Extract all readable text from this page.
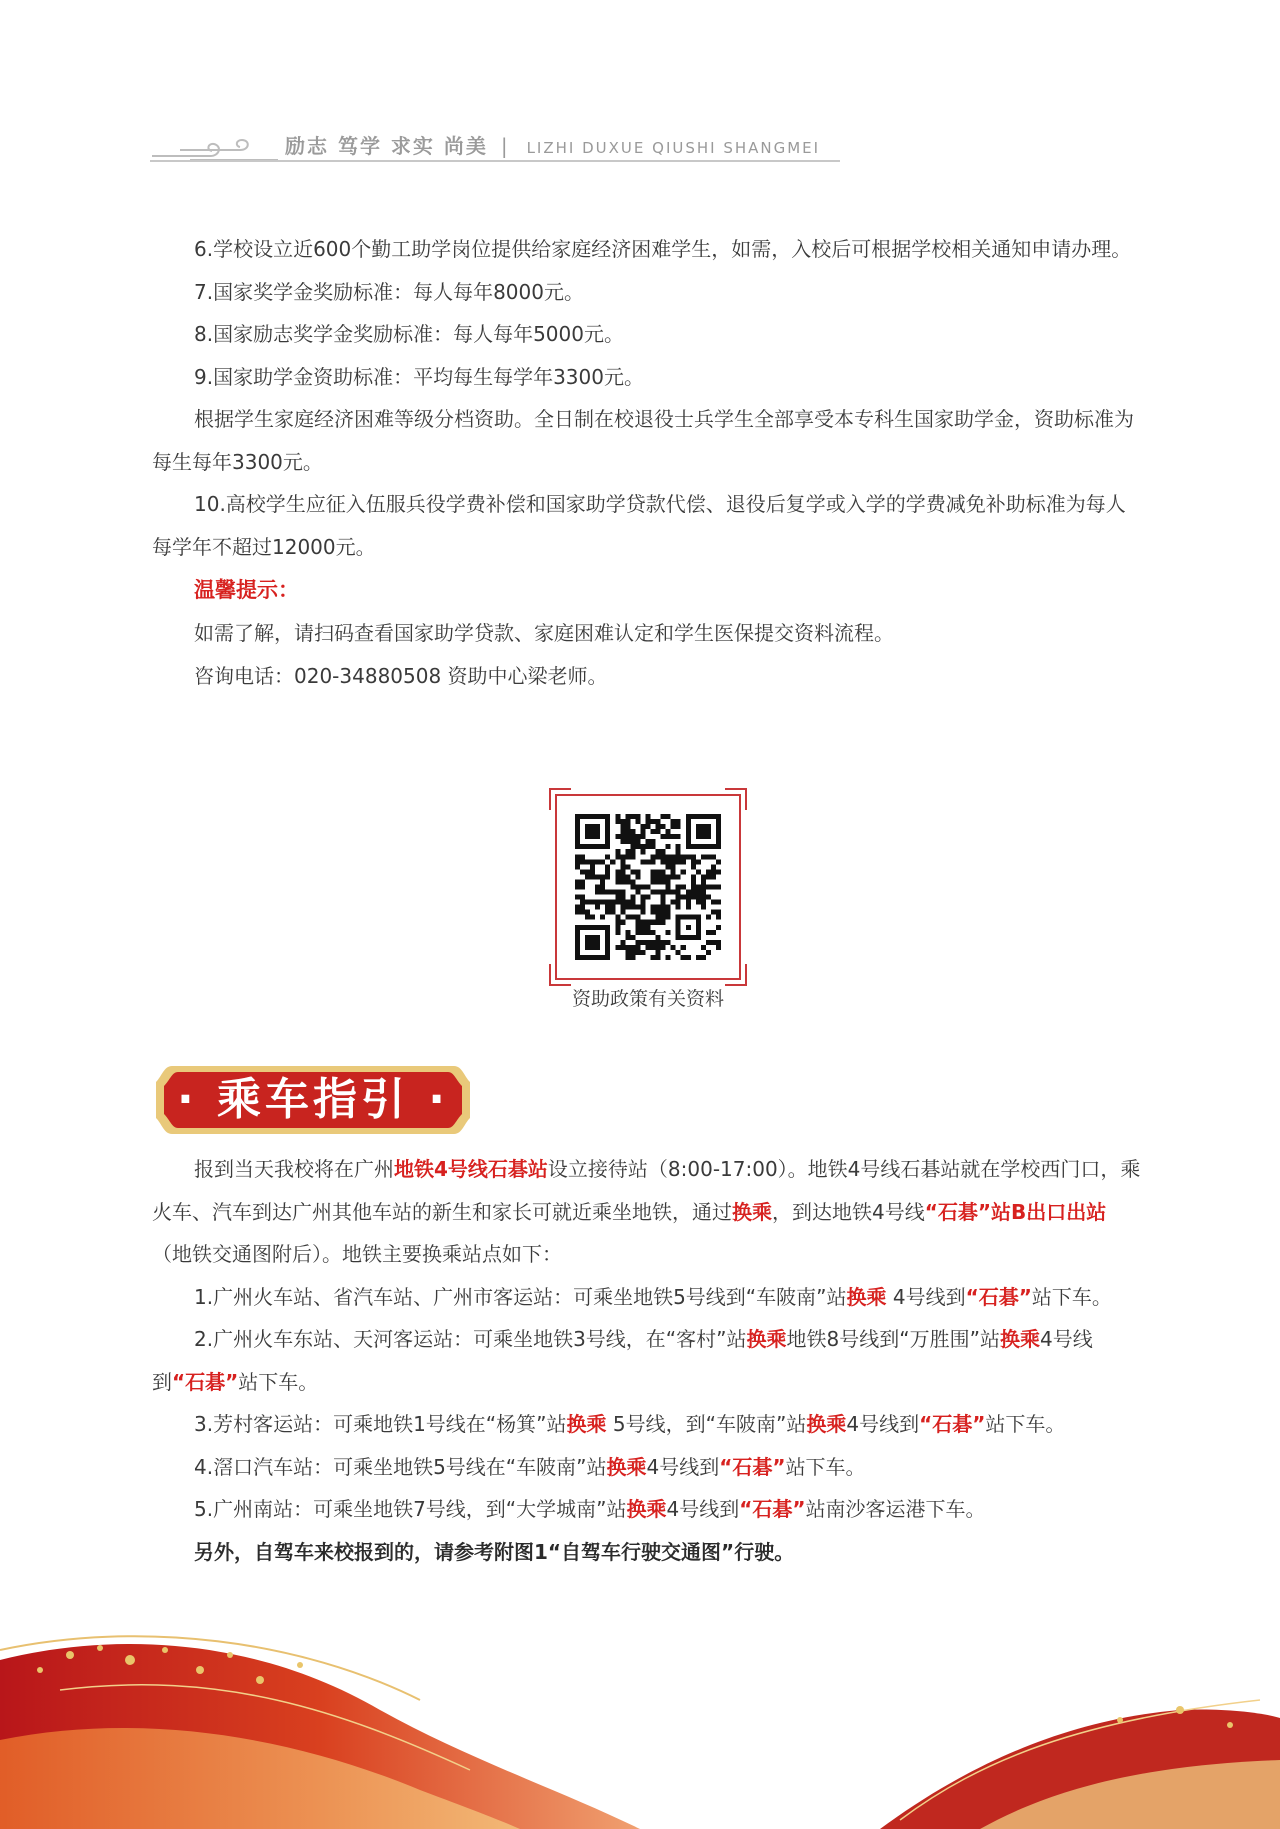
励志 笃学 求实 尚美 | LIZHI DUXUE QIUSHI SHANGMEI

6.学校设立近600个勤工助学岗位提供给家庭经济困难学生，如需，入校后可根据学校相关通知申请办理。

7.国家奖学金奖励标准：每人每年8000元。

8.国家励志奖学金奖励标准：每人每年5000元。

9.国家助学金资助标准：平均每生每学年3300元。

根据学生家庭经济困难等级分档资助。全日制在校退役士兵学生全部享受本专科生国家助学金，资助标准为每生每年3300元。

10.高校学生应征入伍服兵役学费补偿和国家助学贷款代偿、退役后复学或入学的学费减免补助标准为每人每学年不超过12000元。

温馨提示：

如需了解，请扫码查看国家助学贷款、家庭困难认定和学生医保提交资料流程。

咨询电话：020-34880508 资助中心梁老师。

资助政策有关资料
· 乘车指引 ·

报到当天我校将在广州地铁4号线石碁站设立接待站（8:00-17:00）。地铁4号线石碁站就在学校西门口，乘火车、汽车到达广州其他车站的新生和家长可就近乘坐地铁，通过换乘，到达地铁4号线“石碁”站B出口出站（地铁交通图附后）。地铁主要换乘站点如下：

1.广州火车站、省汽车站、广州市客运站：可乘坐地铁5号线到“车陂南”站换乘 4号线到“石碁”站下车。

2.广州火车东站、天河客运站：可乘坐地铁3号线，在“客村”站换乘地铁8号线到“万胜围”站换乘4号线到“石碁”站下车。

3.芳村客运站：可乘地铁1号线在“杨箕”站换乘 5号线，到“车陂南”站换乘4号线到“石碁”站下车。

4.滘口汽车站：可乘坐地铁5号线在“车陂南”站换乘4号线到“石碁”站下车。

5.广州南站：可乘坐地铁7号线，到“大学城南”站换乘4号线到“石碁”站南沙客运港下车。

另外，自驾车来校报到的，请参考附图1“自驾车行驶交通图”行驶。
